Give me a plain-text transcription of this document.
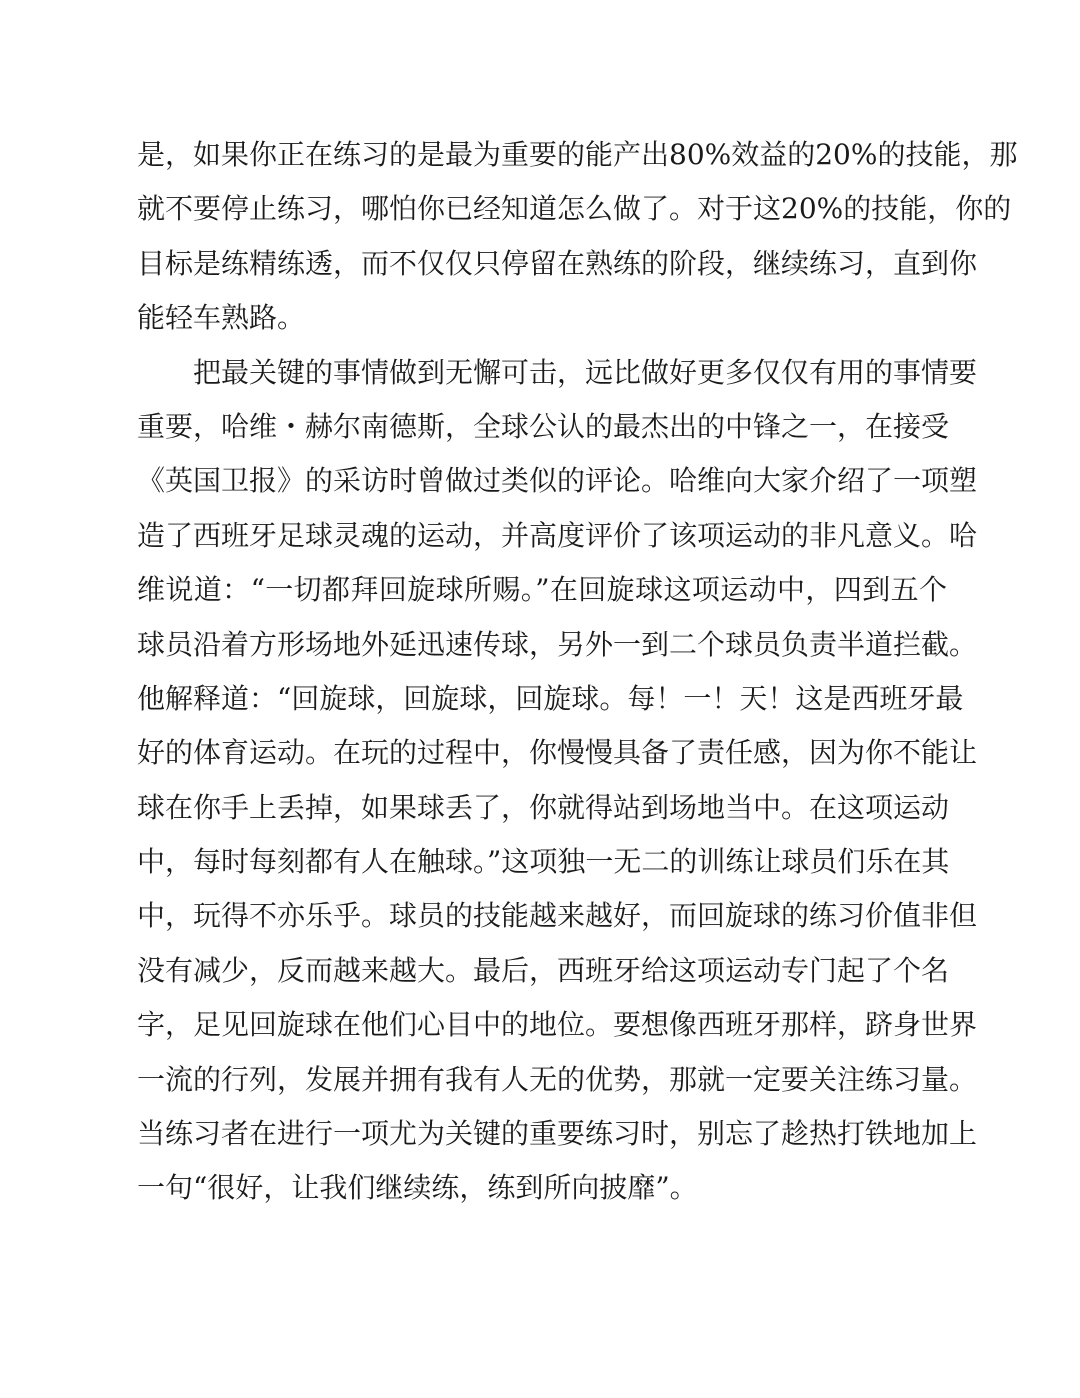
是，如果你正在练习的是最为重要的能产出80%效益的20%的技能，那
就不要停止练习，哪怕你已经知道怎么做了。对于这20%的技能，你的
目标是练精练透，而不仅仅只停留在熟练的阶段，继续练习，直到你
能轻车熟路。
把最关键的事情做到无懈可击，远比做好更多仅仅有用的事情要
重要，哈维・赫尔南德斯，全球公认的最杰出的中锋之一，在接受
《英国卫报》的采访时曾做过类似的评论。哈维向大家介绍了一项塑
造了西班牙足球灵魂的运动，并高度评价了该项运动的非凡意义。哈
维说道：“一切都拜回旋球所赐。”在回旋球这项运动中，四到五个
球员沿着方形场地外延迅速传球，另外一到二个球员负责半道拦截。
他解释道：“回旋球，回旋球，回旋球。每！一！天！这是西班牙最
好的体育运动。在玩的过程中，你慢慢具备了责任感，因为你不能让
球在你手上丢掉，如果球丢了，你就得站到场地当中。在这项运动
中，每时每刻都有人在触球。”这项独一无二的训练让球员们乐在其
中，玩得不亦乐乎。球员的技能越来越好，而回旋球的练习价值非但
没有减少，反而越来越大。最后，西班牙给这项运动专门起了个名
字，足见回旋球在他们心目中的地位。要想像西班牙那样，跻身世界
一流的行列，发展并拥有我有人无的优势，那就一定要关注练习量。
当练习者在进行一项尤为关键的重要练习时，别忘了趁热打铁地加上
一句“很好，让我们继续练，练到所向披靡”。
